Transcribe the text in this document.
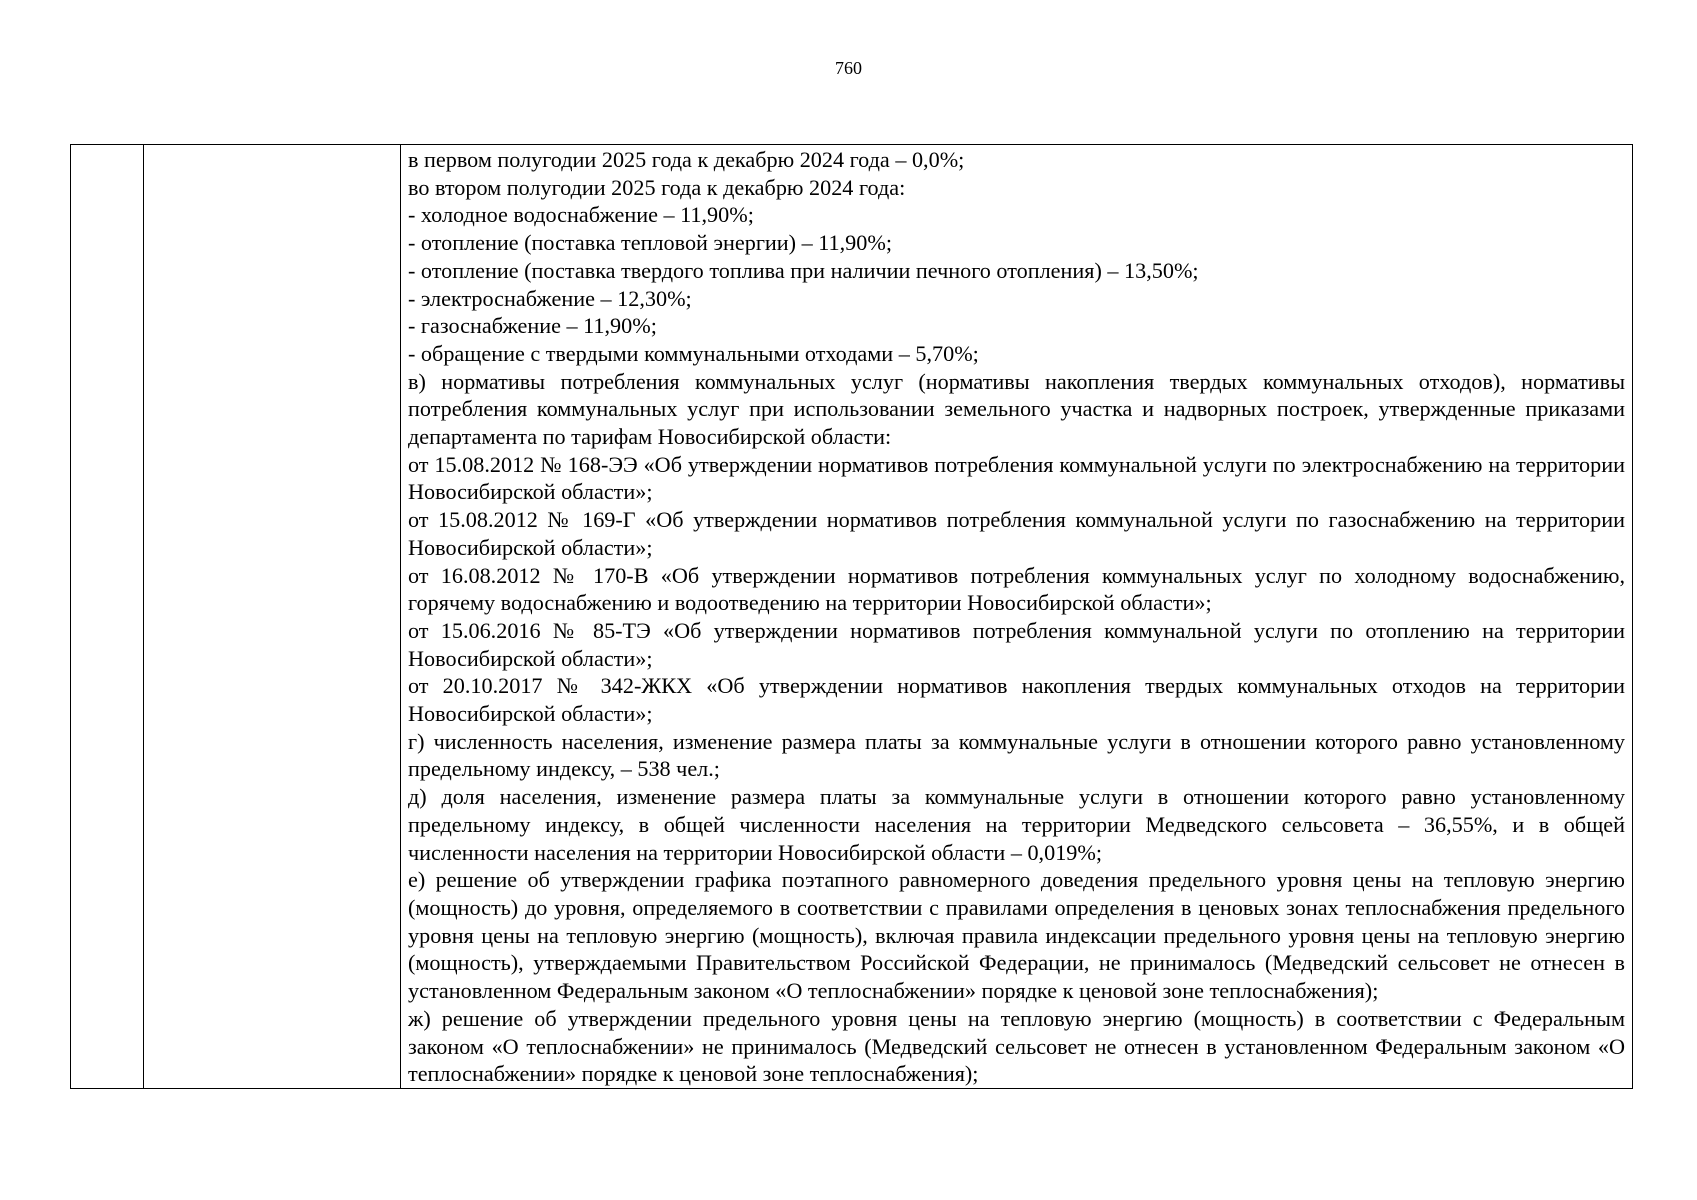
760

в первом полугодии 2025 года к декабрю 2024 года – 0,0%;

во втором полугодии 2025 года к декабрю 2024 года:

- холодное водоснабжение – 11,90%;

- отопление (поставка тепловой энергии) – 11,90%;

- отопление (поставка твердого топлива при наличии печного отопления) – 13,50%;

- электроснабжение – 12,30%;

- газоснабжение – 11,90%;

- обращение с твердыми коммунальными отходами – 5,70%;

в) нормативы потребления коммунальных услуг (нормативы накопления твердых коммунальных отходов), нормативы потребления коммунальных услуг при использовании земельного участка и надворных построек, утвержденные приказами департамента по тарифам Новосибирской области:

от 15.08.2012 № 168-ЭЭ «Об утверждении нормативов потребления коммунальной услуги по электроснабжению на территории Новосибирской области»;

от 15.08.2012 № 169-Г «Об утверждении нормативов потребления коммунальной услуги по газоснабжению на территории Новосибирской области»;

от 16.08.2012 № 170-В «Об утверждении нормативов потребления коммунальных услуг по холодному водоснабжению, горячему водоснабжению и водоотведению на территории Новосибирской области»;

от 15.06.2016 № 85-ТЭ «Об утверждении нормативов потребления коммунальной услуги по отоплению на территории Новосибирской области»;

от 20.10.2017 № 342-ЖКХ «Об утверждении нормативов накопления твердых коммунальных отходов на территории Новосибирской области»;

г) численность населения, изменение размера платы за коммунальные услуги в отношении которого равно установленному предельному индексу, – 538 чел.;

д) доля населения, изменение размера платы за коммунальные услуги в отношении которого равно установленному предельному индексу, в общей численности населения на территории Медведского сельсовета – 36,55%, и в общей численности населения на территории Новосибирской области – 0,019%;

е) решение об утверждении графика поэтапного равномерного доведения предельного уровня цены на тепловую энергию (мощность) до уровня, определяемого в соответствии с правилами определения в ценовых зонах теплоснабжения предельного уровня цены на тепловую энергию (мощность), включая правила индексации предельного уровня цены на тепловую энергию (мощность), утверждаемыми Правительством Российской Федерации, не принималось (Медведский сельсовет не отнесен в установленном Федеральным законом «О теплоснабжении» порядке к ценовой зоне теплоснабжения);

ж) решение об утверждении предельного уровня цены на тепловую энергию (мощность) в соответствии с Федеральным законом «О теплоснабжении» не принималось (Медведский сельсовет не отнесен в установленном Федеральным законом «О теплоснабжении» порядке к ценовой зоне теплоснабжения);
